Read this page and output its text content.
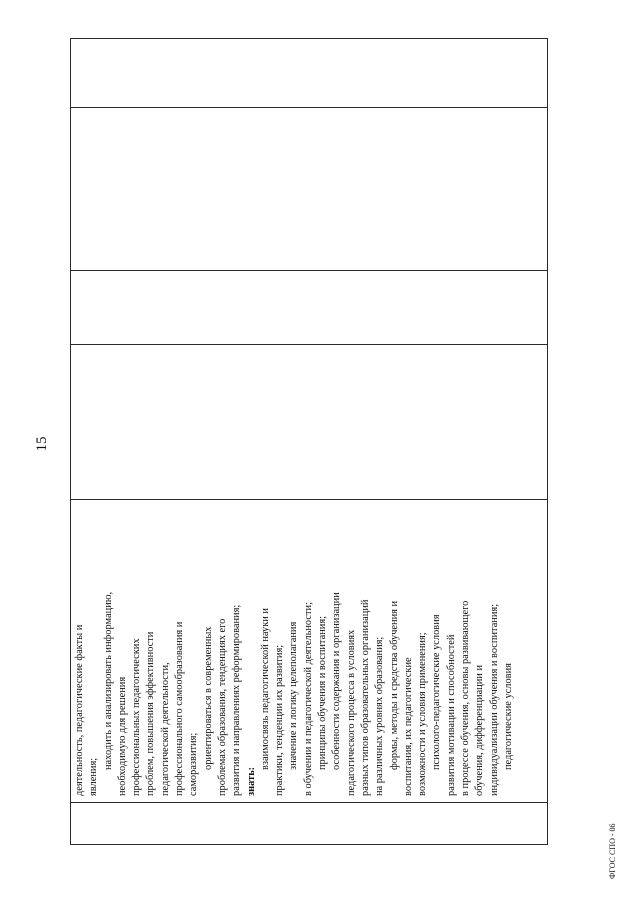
15

деятельность, педагогические факты и явления;
находить и анализировать информацию, необходимую для решения профессиональных педагогических проблем, повышения эффективности педагогической деятельности, профессионального самообразования и саморазвития; ориентироваться в современных проблемах образования, тенденциях его развития и направлениях реформирования; знать:
взаимосвязь педагогической науки и практики, тенденции их развития; значение и логику целеполагания в обучении и педагогической деятельности; принципы обучения и воспитания; особенности содержания и организации педагогического процесса в условиях разных типов образовательных организаций на различных уровнях образования; формы, методы и средства обучения и воспитания, их педагогические возможности и условия применения; психолого-педагогические условия развития мотивации и способностей в процессе обучения, основы развивающего обучения, дифференциации и индивидуализации обучения и воспитания; педагогические условия

ФГОС СПО - 06
